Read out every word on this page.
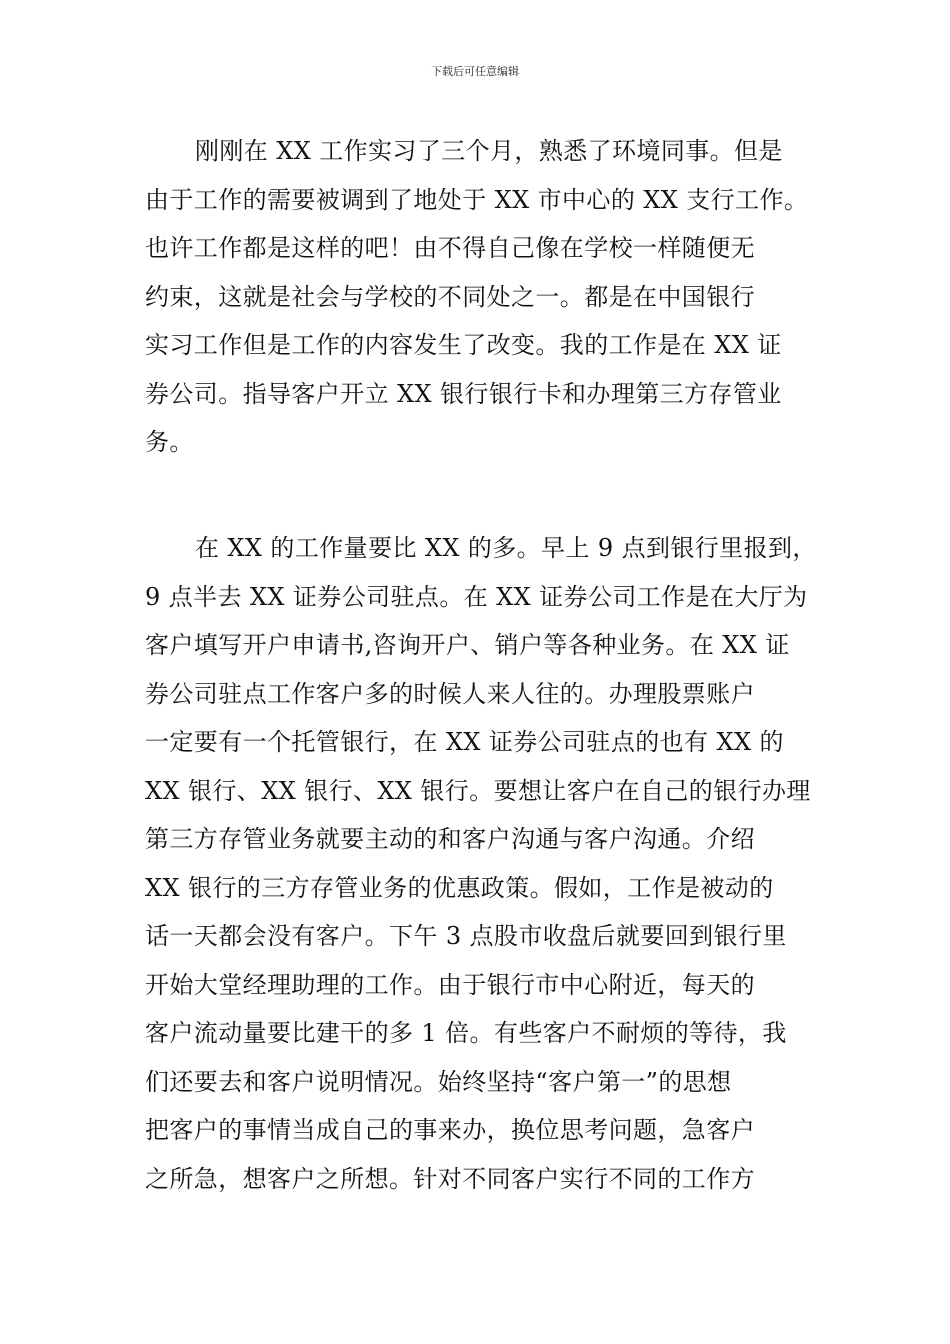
下载后可任意编辑

刚刚在 XX 工作实习了三个月，熟悉了环境同事。但是
由于工作的需要被调到了地处于 XX 市中心的 XX 支行工作。
也许工作都是这样的吧！由不得自己像在学校一样随便无
约束，这就是社会与学校的不同处之一。都是在中国银行
实习工作但是工作的内容发生了改变。我的工作是在 XX 证
券公司。指导客户开立 XX 银行银行卡和办理第三方存管业
务。

在 XX 的工作量要比 XX 的多。早上 9 点到银行里报到，
9 点半去 XX 证券公司驻点。在 XX 证券公司工作是在大厅为
客户填写开户申请书,咨询开户、销户等各种业务。在 XX 证
券公司驻点工作客户多的时候人来人往的。办理股票账户
一定要有一个托管银行，在 XX 证券公司驻点的也有 XX 的
XX 银行、XX 银行、XX 银行。要想让客户在自己的银行办理
第三方存管业务就要主动的和客户沟通与客户沟通。介绍
XX 银行的三方存管业务的优惠政策。假如，工作是被动的
话一天都会没有客户。下午 3 点股市收盘后就要回到银行里
开始大堂经理助理的工作。由于银行市中心附近，每天的
客户流动量要比建干的多 1 倍。有些客户不耐烦的等待，我
们还要去和客户说明情况。始终坚持“客户第一”的思想
把客户的事情当成自己的事来办，换位思考问题，急客户
之所急，想客户之所想。针对不同客户实行不同的工作方
